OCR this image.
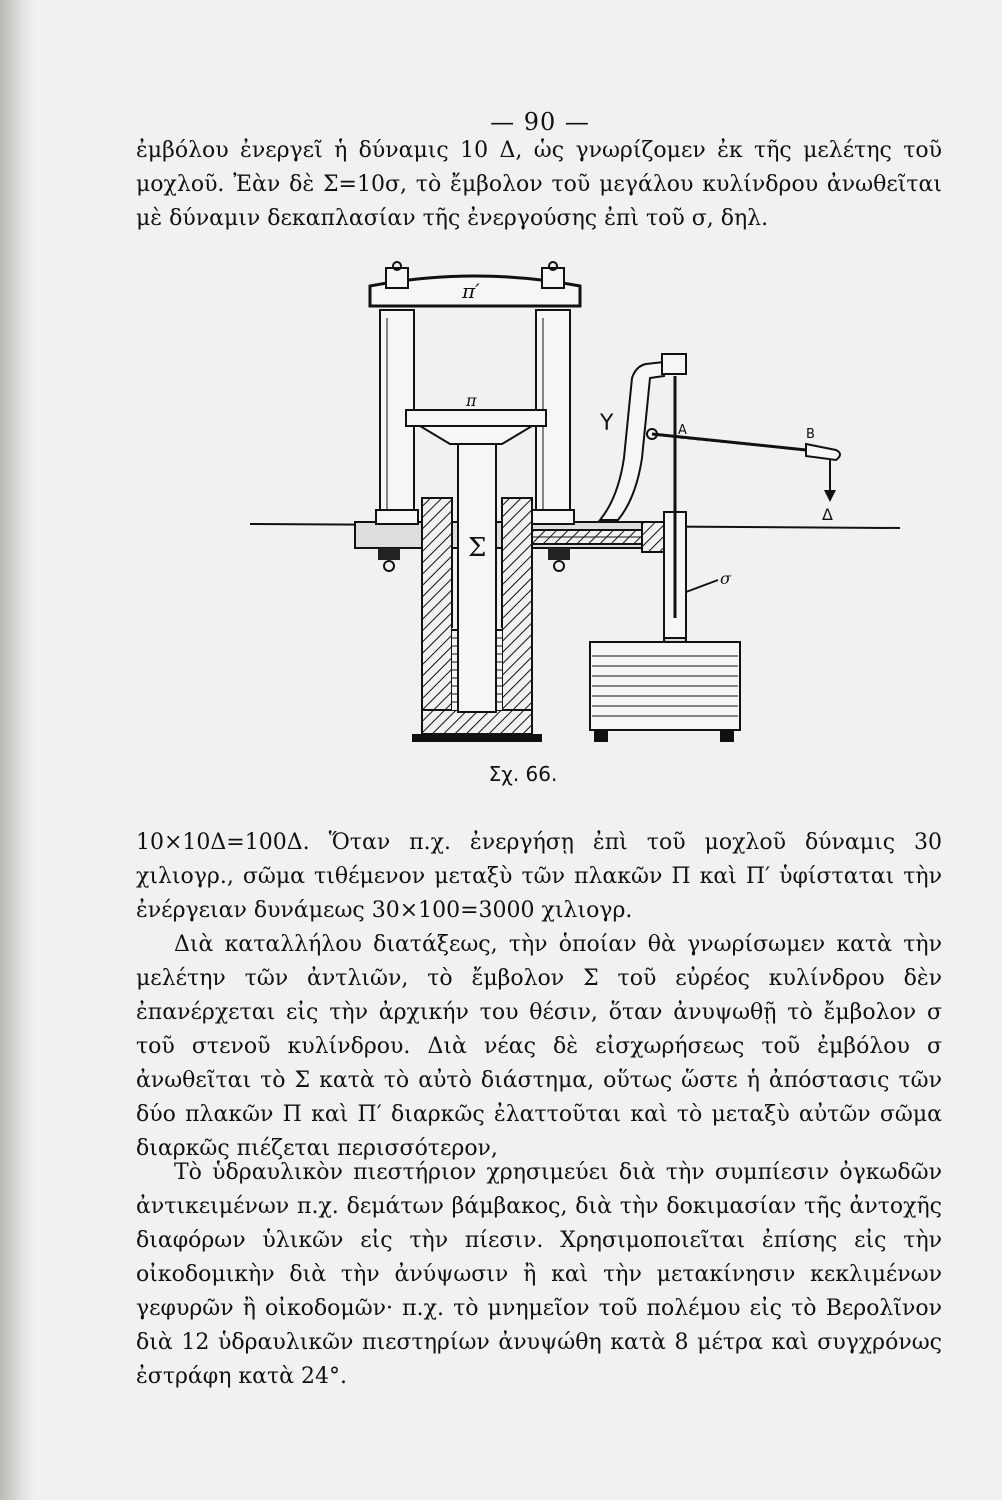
— 90 —
ἐμβόλου ἐνεργεῖ ἡ δύναμις 10 Δ, ὡς γνωρίζομεν ἐκ τῆς μελέτης τοῦ μοχλοῦ. Ἐὰν δὲ Σ=10σ, τὸ ἔμβολον τοῦ μεγάλου κυλίνδρου ἀνωθεῖται μὲ δύναμιν δεκαπλασίαν τῆς ἐνεργούσης ἐπὶ τοῦ σ, δηλ.
π′
π
Σ
Υ
σ
A	B
Δ
Σχ. 66.
10×10Δ=100Δ. Ὅταν π.χ. ἐνεργήσῃ ἐπὶ τοῦ μοχλοῦ δύναμις 30 χιλιογρ., σῶμα τιθέμενον μεταξὺ τῶν πλακῶν Π καὶ Π′ ὑφίσταται τὴν ἐνέργειαν δυνάμεως 30×100=3000 χιλιογρ.
Διὰ καταλλήλου διατάξεως, τὴν ὁποίαν θὰ γνωρίσωμεν κατὰ τὴν μελέτην τῶν ἀντλιῶν, τὸ ἔμβολον Σ τοῦ εὐρέος κυλίνδρου δὲν ἐπανέρχεται εἰς τὴν ἀρχικήν του θέσιν, ὅταν ἀνυψωθῇ τὸ ἔμβολον σ τοῦ στενοῦ κυλίνδρου. Διὰ νέας δὲ εἰσχωρήσεως τοῦ ἐμβόλου σ ἀνωθεῖται τὸ Σ κατὰ τὸ αὐτὸ διάστημα, οὕτως ὥστε ἡ ἀπόστασις τῶν δύο πλακῶν Π καὶ Π′ διαρκῶς ἐλαττοῦται καὶ τὸ μεταξὺ αὐτῶν σῶμα διαρκῶς πιέζεται περισσότερον,
Τὸ ὑδραυλικὸν πιεστήριον χρησιμεύει διὰ τὴν συμπίεσιν ὀγκωδῶν ἀντικειμένων π.χ. δεμάτων βάμβακος, διὰ τὴν δοκιμασίαν τῆς ἀντοχῆς διαφόρων ὑλικῶν εἰς τὴν πίεσιν. Χρησιμοποιεῖται ἐπίσης εἰς τὴν οἰκοδομικὴν διὰ τὴν ἀνύψωσιν ἢ καὶ τὴν μετακίνησιν κεκλιμένων γεφυρῶν ἢ οἰκοδομῶν· π.χ. τὸ μνημεῖον τοῦ πολέμου εἰς τὸ Βερολῖνον διὰ 12 ὑδραυλικῶν πιεστηρίων ἀνυψώθη κατὰ 8 μέτρα καὶ συγχρόνως ἐστράφη κατὰ 24°.
